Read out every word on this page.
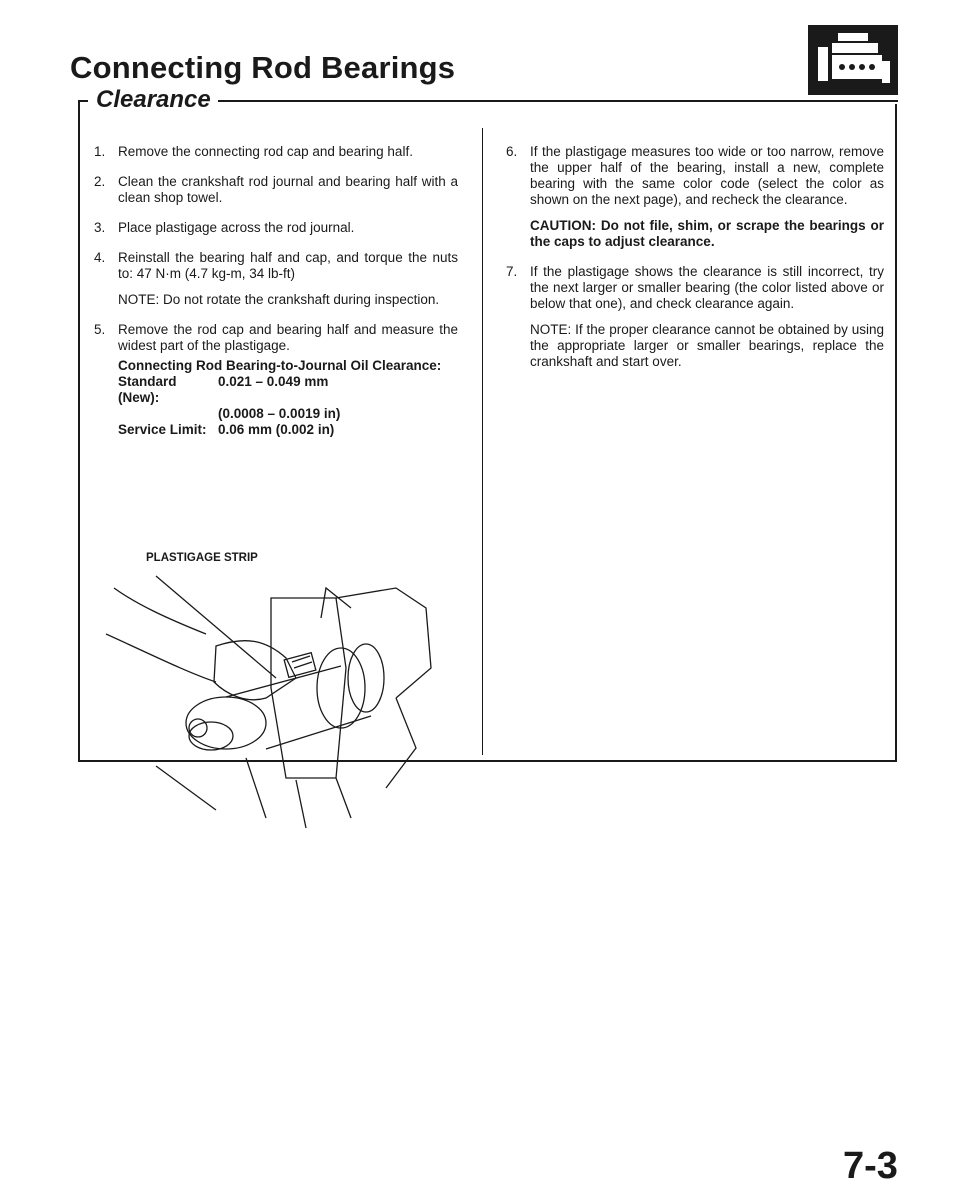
Connecting Rod Bearings
Clearance
1. Remove the connecting rod cap and bearing half.
2. Clean the crankshaft rod journal and bearing half with a clean shop towel.
3. Place plastigage across the rod journal.
4. Reinstall the bearing half and cap, and torque the nuts to: 47 N·m (4.7 kg-m, 34 lb-ft)
NOTE: Do not rotate the crankshaft during inspection.
5. Remove the rod cap and bearing half and measure the widest part of the plastigage.
Connecting Rod Bearing-to-Journal Oil Clearance:
Standard (New):
0.021 – 0.049 mm
(0.0008 – 0.0019 in)
Service Limit: 0.06 mm (0.002 in)
6. If the plastigage measures too wide or too narrow, remove the upper half of the bearing, install a new, complete bearing with the same color code (select the color as shown on the next page), and recheck the clearance.
CAUTION: Do not file, shim, or scrape the bearings or the caps to adjust clearance.
7. If the plastigage shows the clearance is still incorrect, try the next larger or smaller bearing (the color listed above or below that one), and check clearance again.
NOTE: If the proper clearance cannot be obtained by using the appropriate larger or smaller bearings, replace the crankshaft and start over.
PLASTIGAGE STRIP
7-3
